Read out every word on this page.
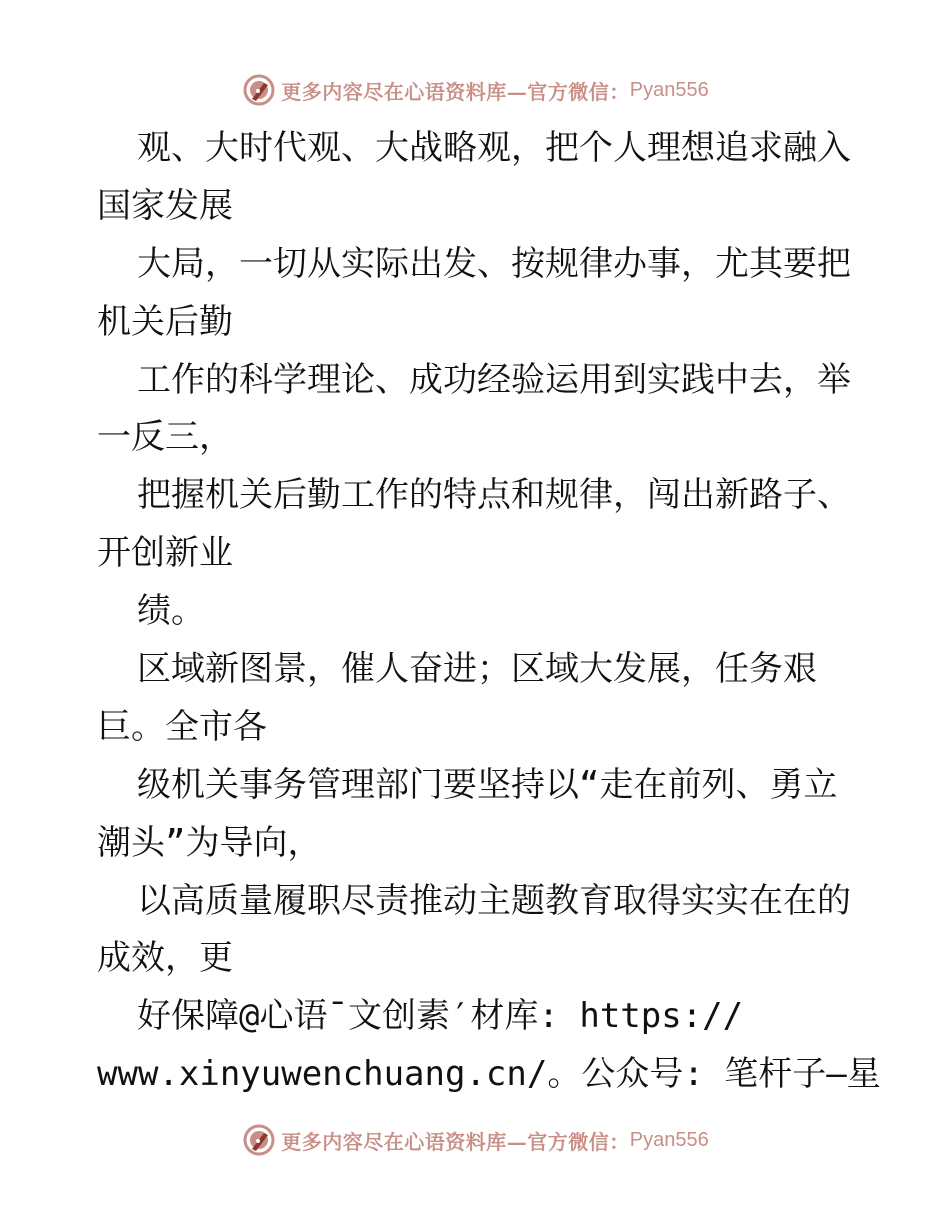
更多内容尽在心语资料库—官方微信： Pyan556
观、大时代观、大战略观，把个人理想追求融入
国家发展
大局，一切从实际出发、按规律办事，尤其要把
机关后勤
工作的科学理论、成功经验运用到实践中去，举
一反三，
把握机关后勤工作的特点和规律，闯出新路子、
开创新业
绩。
区域新图景，催人奋进；区域大发展，任务艰
巨。全市各
级机关事务管理部门要坚持以“走在前列、勇立
潮头”为导向，
以高质量履职尽责推动主题教育取得实实在在的
成效，更
好保障@心语¯文创素′材库: https://
www.xinyuwenchuang.cn/。公众号: 笔杆子—星
更多内容尽在心语资料库—官方微信： Pyan556
